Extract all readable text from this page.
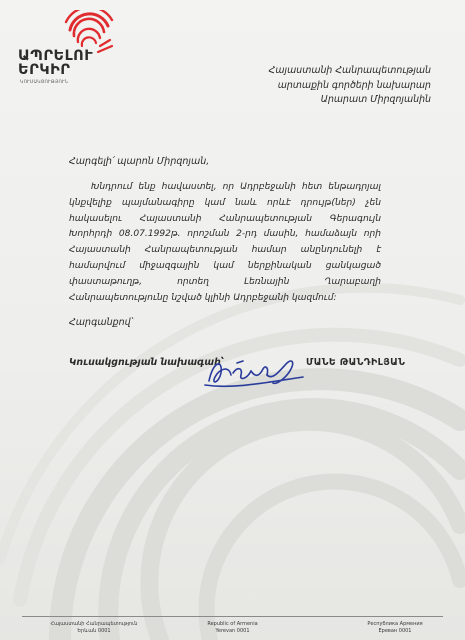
ԱՊՐԵԼՈՒ
ԵՐԿԻՐ
ԿՈՒՍԱԿՑՈՒԹՅՈՒՆ
Հայաստանի Հանրապետության
արտաքին գործերի նախարար
Արարատ Միրզոյանին
Հարգելի՛ պարոն Միրզոյան,

Խնդրում ենք հավաստել, որ Ադրբեջանի հետ ենթադրյալ կնքվելիք պայմանագիրը կամ նաև որևէ դրույթ(ներ) չեն հակասելու Հայաստանի Հանրապետության Գերագույն Խորհրդի 08.07.1992թ. որոշման 2-րդ մասին, համաձայն որի Հայաստանի Հանրապետության համար անընդունելի է համարվում միջազգային կամ ներքինական ցանկացած փաստաթուղթ, որտեղ Լեռնային Ղարաբաղի Հանրապետությունը նշված կլինի Ադրբեջանի կազմում:

Հարգանքով՝
Կուսակցության նախագահ՝	ՄԱՆԵ ԹԱՆԴԻԼՅԱՆ
Հայաստանի Հանրապետություն
Երևան 0001
Republic of Armenia
Yerevan 0001
Республика Армения
Ереван 0001
